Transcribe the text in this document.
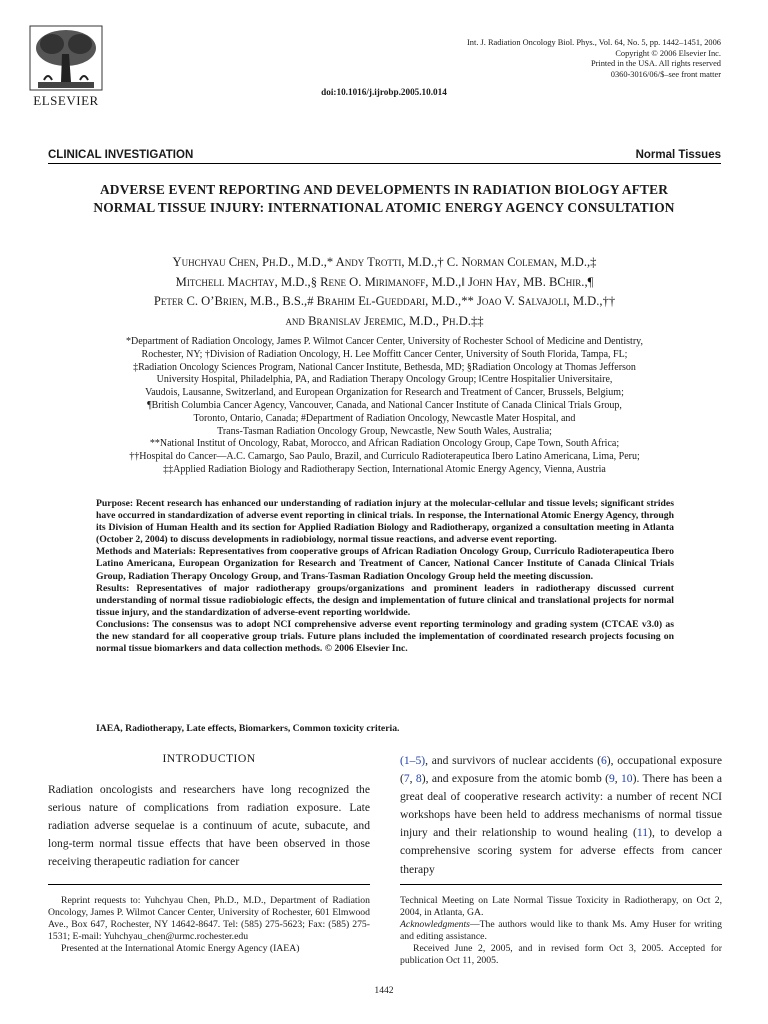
ELSEVIER
Int. J. Radiation Oncology Biol. Phys., Vol. 64, No. 5, pp. 1442–1451, 2006
Copyright © 2006 Elsevier Inc.
Printed in the USA. All rights reserved
0360-3016/06/$–see front matter
doi:10.1016/j.ijrobp.2005.10.014
CLINICAL INVESTIGATION	Normal Tissues
ADVERSE EVENT REPORTING AND DEVELOPMENTS IN RADIATION BIOLOGY AFTER NORMAL TISSUE INJURY: INTERNATIONAL ATOMIC ENERGY AGENCY CONSULTATION
Yuhchyau Chen, Ph.D., M.D.,* Andy Trotti, M.D.,† C. Norman Coleman, M.D.,‡
Mitchell Machtay, M.D.,§ Rene O. Mirimanoff, M.D.,‖ John Hay, MB. BChir.,¶
Peter C. O’Brien, M.B., B.S.,# Brahim El-Gueddari, M.D.,** Joao V. Salvajoli, M.D.,††
and Branislav Jeremic, M.D., Ph.D.‡‡
*Department of Radiation Oncology, James P. Wilmot Cancer Center, University of Rochester School of Medicine and Dentistry,
Rochester, NY; †Division of Radiation Oncology, H. Lee Moffitt Cancer Center, University of South Florida, Tampa, FL;
‡Radiation Oncology Sciences Program, National Cancer Institute, Bethesda, MD; §Radiation Oncology at Thomas Jefferson
University Hospital, Philadelphia, PA, and Radiation Therapy Oncology Group; ‖Centre Hospitalier Universitaire,
Vaudois, Lausanne, Switzerland, and European Organization for Research and Treatment of Cancer, Brussels, Belgium;
¶British Columbia Cancer Agency, Vancouver, Canada, and National Cancer Institute of Canada Clinical Trials Group,
Toronto, Ontario, Canada; #Department of Radiation Oncology, Newcastle Mater Hospital, and
Trans-Tasman Radiation Oncology Group, Newcastle, New South Wales, Australia;
**National Institut of Oncology, Rabat, Morocco, and African Radiation Oncology Group, Cape Town, South Africa;
††Hospital do Cancer—A.C. Camargo, Sao Paulo, Brazil, and Curriculo Radioterapeutica Ibero Latino Americana, Lima, Peru;
‡‡Applied Radiation Biology and Radiotherapy Section, International Atomic Energy Agency, Vienna, Austria

Purpose: Recent research has enhanced our understanding of radiation injury at the molecular-cellular and tissue levels; significant strides have occurred in standardization of adverse event reporting in clinical trials. In response, the International Atomic Energy Agency, through its Division of Human Health and its section for Applied Radiation Biology and Radiotherapy, organized a consultation meeting in Atlanta (October 2, 2004) to discuss developments in radiobiology, normal tissue reactions, and adverse event reporting.

Methods and Materials: Representatives from cooperative groups of African Radiation Oncology Group, Curriculo Radioterapeutica Ibero Latino Americana, European Organization for Research and Treatment of Cancer, National Cancer Institute of Canada Clinical Trials Group, Radiation Therapy Oncology Group, and Trans-Tasman Radiation Oncology Group held the meeting discussion.

Results: Representatives of major radiotherapy groups/organizations and prominent leaders in radiotherapy discussed current understanding of normal tissue radiobiologic effects, the design and implementation of future clinical and translational projects for normal tissue injury, and the standardization of adverse-event reporting worldwide.

Conclusions: The consensus was to adopt NCI comprehensive adverse event reporting terminology and grading system (CTCAE v3.0) as the new standard for all cooperative group trials. Future plans included the implementation of coordinated research projects focusing on normal tissue biomarkers and data collection methods. © 2006 Elsevier Inc.

IAEA, Radiotherapy, Late effects, Biomarkers, Common toxicity criteria.
INTRODUCTION

Radiation oncologists and researchers have long recognized the serious nature of complications from radiation exposure. Late radiation adverse sequelae is a continuum of acute, subacute, and long-term normal tissue effects that have been observed in those receiving therapeutic radiation for cancer

(1–5), and survivors of nuclear accidents (6), occupational exposure (7, 8), and exposure from the atomic bomb (9, 10). There has been a great deal of cooperative research activity: a number of recent NCI workshops have been held to address mechanisms of normal tissue injury and their relationship to wound healing (11), to develop a comprehensive scoring system for adverse effects from cancer therapy

Reprint requests to: Yuhchyau Chen, Ph.D., M.D., Department of Radiation Oncology, James P. Wilmot Cancer Center, University of Rochester, 601 Elmwood Ave., Box 647, Rochester, NY 14642-8647. Tel: (585) 275-5623; Fax: (585) 275-1531; E-mail: Yuhchyau_chen@urmc.rochester.edu

Presented at the International Atomic Energy Agency (IAEA)

Technical Meeting on Late Normal Tissue Toxicity in Radiotherapy, on Oct 2, 2004, in Atlanta, GA.

Acknowledgments—The authors would like to thank Ms. Amy Huser for writing and editing assistance.

Received June 2, 2005, and in revised form Oct 3, 2005. Accepted for publication Oct 11, 2005.

1442
